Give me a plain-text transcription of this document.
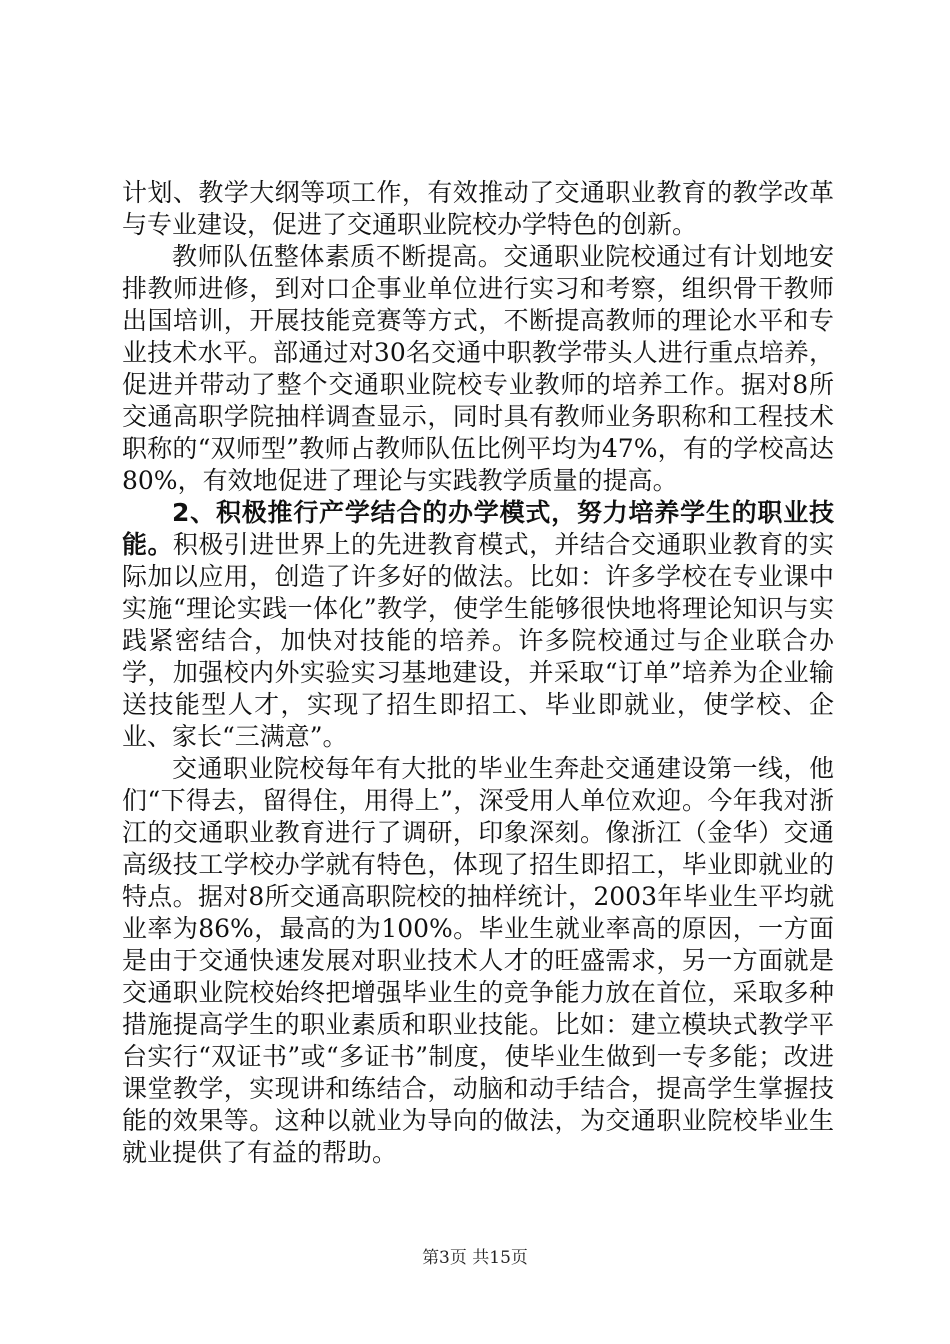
计划、教学大纲等项工作，有效推动了交通职业教育的教学改革与专业建设，促进了交通职业院校办学特色的创新。

教师队伍整体素质不断提高。交通职业院校通过有计划地安排教师进修，到对口企事业单位进行实习和考察，组织骨干教师出国培训，开展技能竞赛等方式，不断提高教师的理论水平和专业技术水平。部通过对30名交通中职教学带头人进行重点培养，促进并带动了整个交通职业院校专业教师的培养工作。据对8所交通高职学院抽样调查显示，同时具有教师业务职称和工程技术职称的“双师型”教师占教师队伍比例平均为47%，有的学校高达80%，有效地促进了理论与实践教学质量的提高。

2、积极推行产学结合的办学模式，努力培养学生的职业技能。积极引进世界上的先进教育模式，并结合交通职业教育的实际加以应用，创造了许多好的做法。比如：许多学校在专业课中实施“理论实践一体化”教学，使学生能够很快地将理论知识与实践紧密结合，加快对技能的培养。许多院校通过与企业联合办学，加强校内外实验实习基地建设，并采取“订单”培养为企业输送技能型人才，实现了招生即招工、毕业即就业，使学校、企业、家长“三满意”。

交通职业院校每年有大批的毕业生奔赴交通建设第一线，他们“下得去，留得住，用得上”，深受用人单位欢迎。今年我对浙江的交通职业教育进行了调研，印象深刻。像浙江（金华）交通高级技工学校办学就有特色，体现了招生即招工，毕业即就业的特点。据对8所交通高职院校的抽样统计，2003年毕业生平均就业率为86%，最高的为100%。毕业生就业率高的原因，一方面是由于交通快速发展对职业技术人才的旺盛需求，另一方面就是交通职业院校始终把增强毕业生的竞争能力放在首位，采取多种措施提高学生的职业素质和职业技能。比如：建立模块式教学平台实行“双证书”或“多证书”制度，使毕业生做到一专多能；改进课堂教学，实现讲和练结合，动脑和动手结合，提高学生掌握技能的效果等。这种以就业为导向的做法，为交通职业院校毕业生就业提供了有益的帮助。

第3页 共15页
